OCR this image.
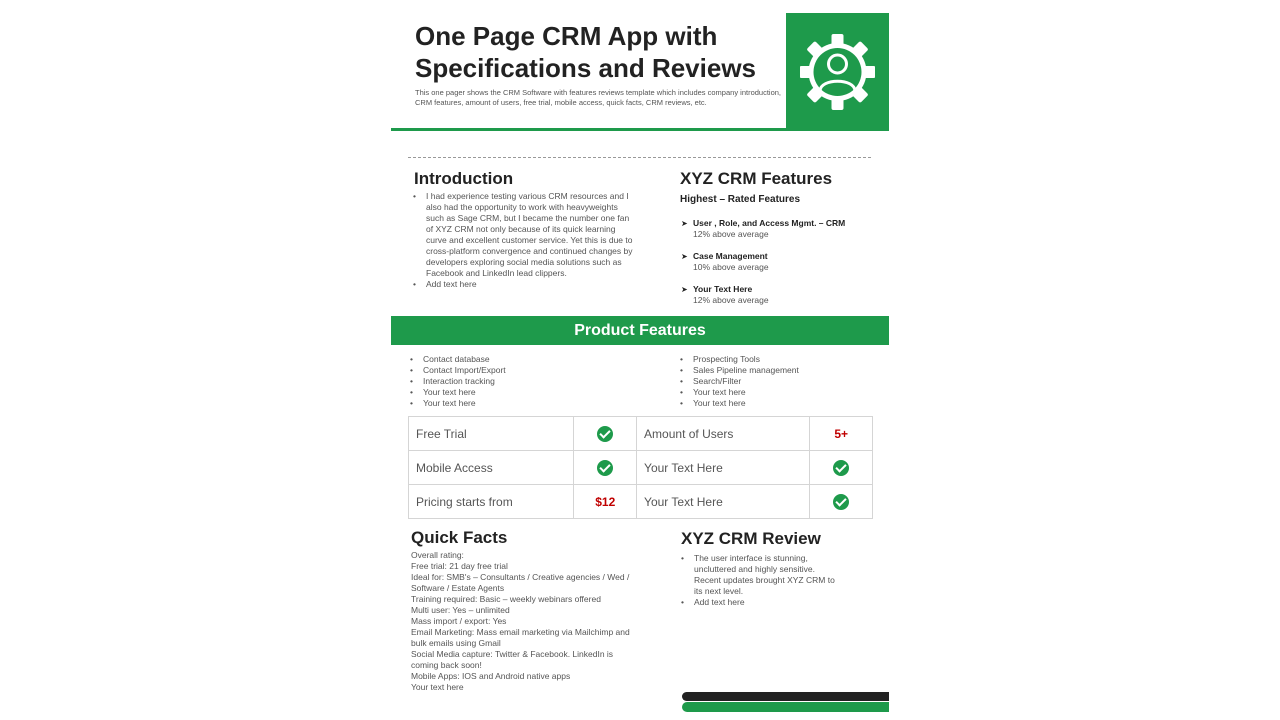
One Page CRM App with Specifications and Reviews

This one pager shows the CRM Software with features reviews template which includes company introduction, CRM features, amount of users, free trial, mobile access, quick facts, CRM reviews, etc.

Introduction
• I had experience testing various CRM resources and I also had the opportunity to work with heavyweights such as Sage CRM, but I became the number one fan of XYZ CRM not only because of its quick learning curve and excellent customer service. Yet this is due to cross-platform convergence and continued changes by developers exploring social media solutions such as Facebook and LinkedIn lead clippers.
• Add text here
XYZ CRM Features
Highest – Rated Features
➤ User , Role, and Access Mgmt. – CRM 12% above average
➤ Case Management
10% above average
➤ Your Text Here
12% above average
Product Features
• Contact database
• Contact Import/Export
• Interaction tracking
• Your text here
• Your text here
• Prospecting Tools
• Sales Pipeline management
• Search/Filter
• Your text here
• Your text here
Free Trial		Amount of Users	5+
Mobile Access		Your Text Here	
Pricing starts from	$12	Your Text Here	
Quick Facts
Overall rating:
Free trial: 21 day free trial
Ideal for: SMB's – Consultants / Creative agencies / Wed / Software / Estate Agents
Training required: Basic – weekly webinars offered
Multi user: Yes – unlimited
Mass import / export: Yes
Email Marketing: Mass email marketing via Mailchimp and bulk emails using Gmail
Social Media capture: Twitter & Facebook. LinkedIn is coming back soon!
Mobile Apps: IOS and Android native apps
Your text here
XYZ CRM Review
• The user interface is stunning, uncluttered and highly sensitive. Recent updates brought XYZ CRM to its next level.
• Add text here
